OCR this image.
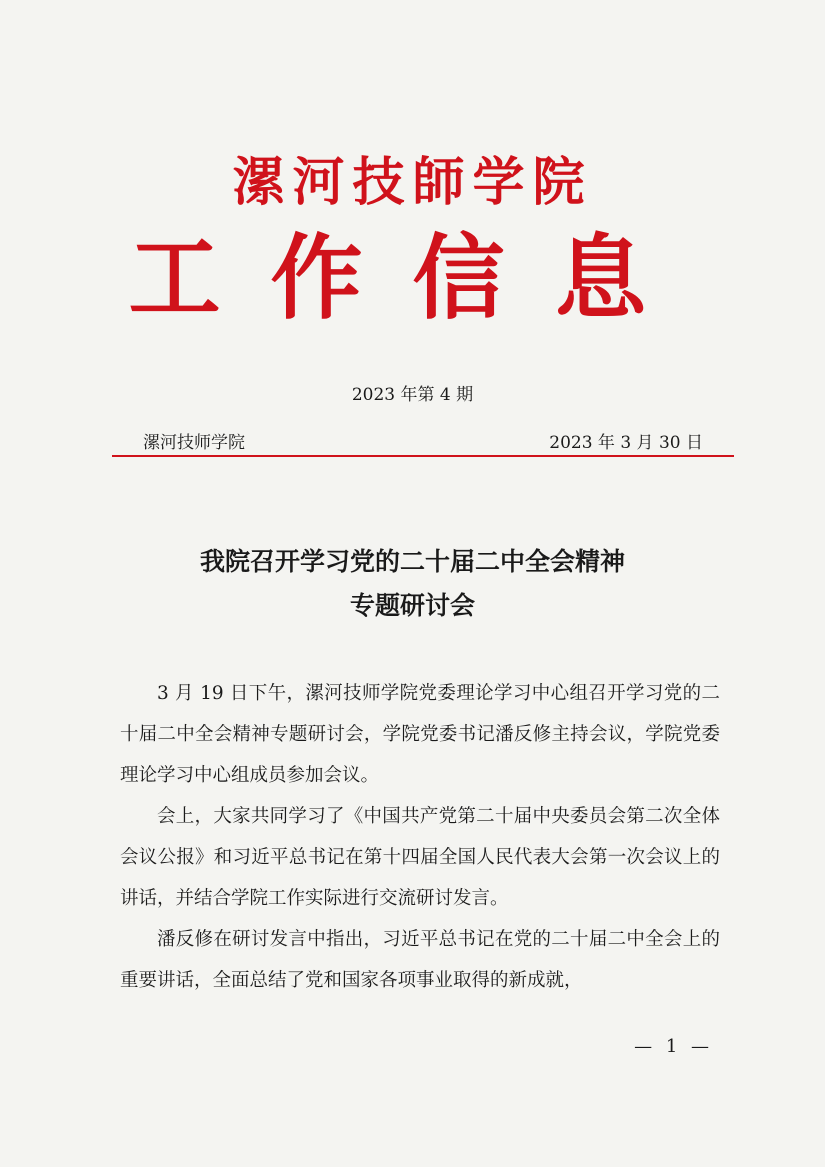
漯河技師学院
工作信息
2023 年第 4 期
漯河技师学院	2023 年 3 月 30 日
我院召开学习党的二十届二中全会精神
专题研讨会

3 月 19 日下午，漯河技师学院党委理论学习中心组召开学习党的二十届二中全会精神专题研讨会，学院党委书记潘反修主持会议，学院党委理论学习中心组成员参加会议。

会上，大家共同学习了《中国共产党第二十届中央委员会第二次全体会议公报》和习近平总书记在第十四届全国人民代表大会第一次会议上的讲话，并结合学院工作实际进行交流研讨发言。

潘反修在研讨发言中指出，习近平总书记在党的二十届二中全会上的重要讲话，全面总结了党和国家各项事业取得的新成就，

— 1 —
